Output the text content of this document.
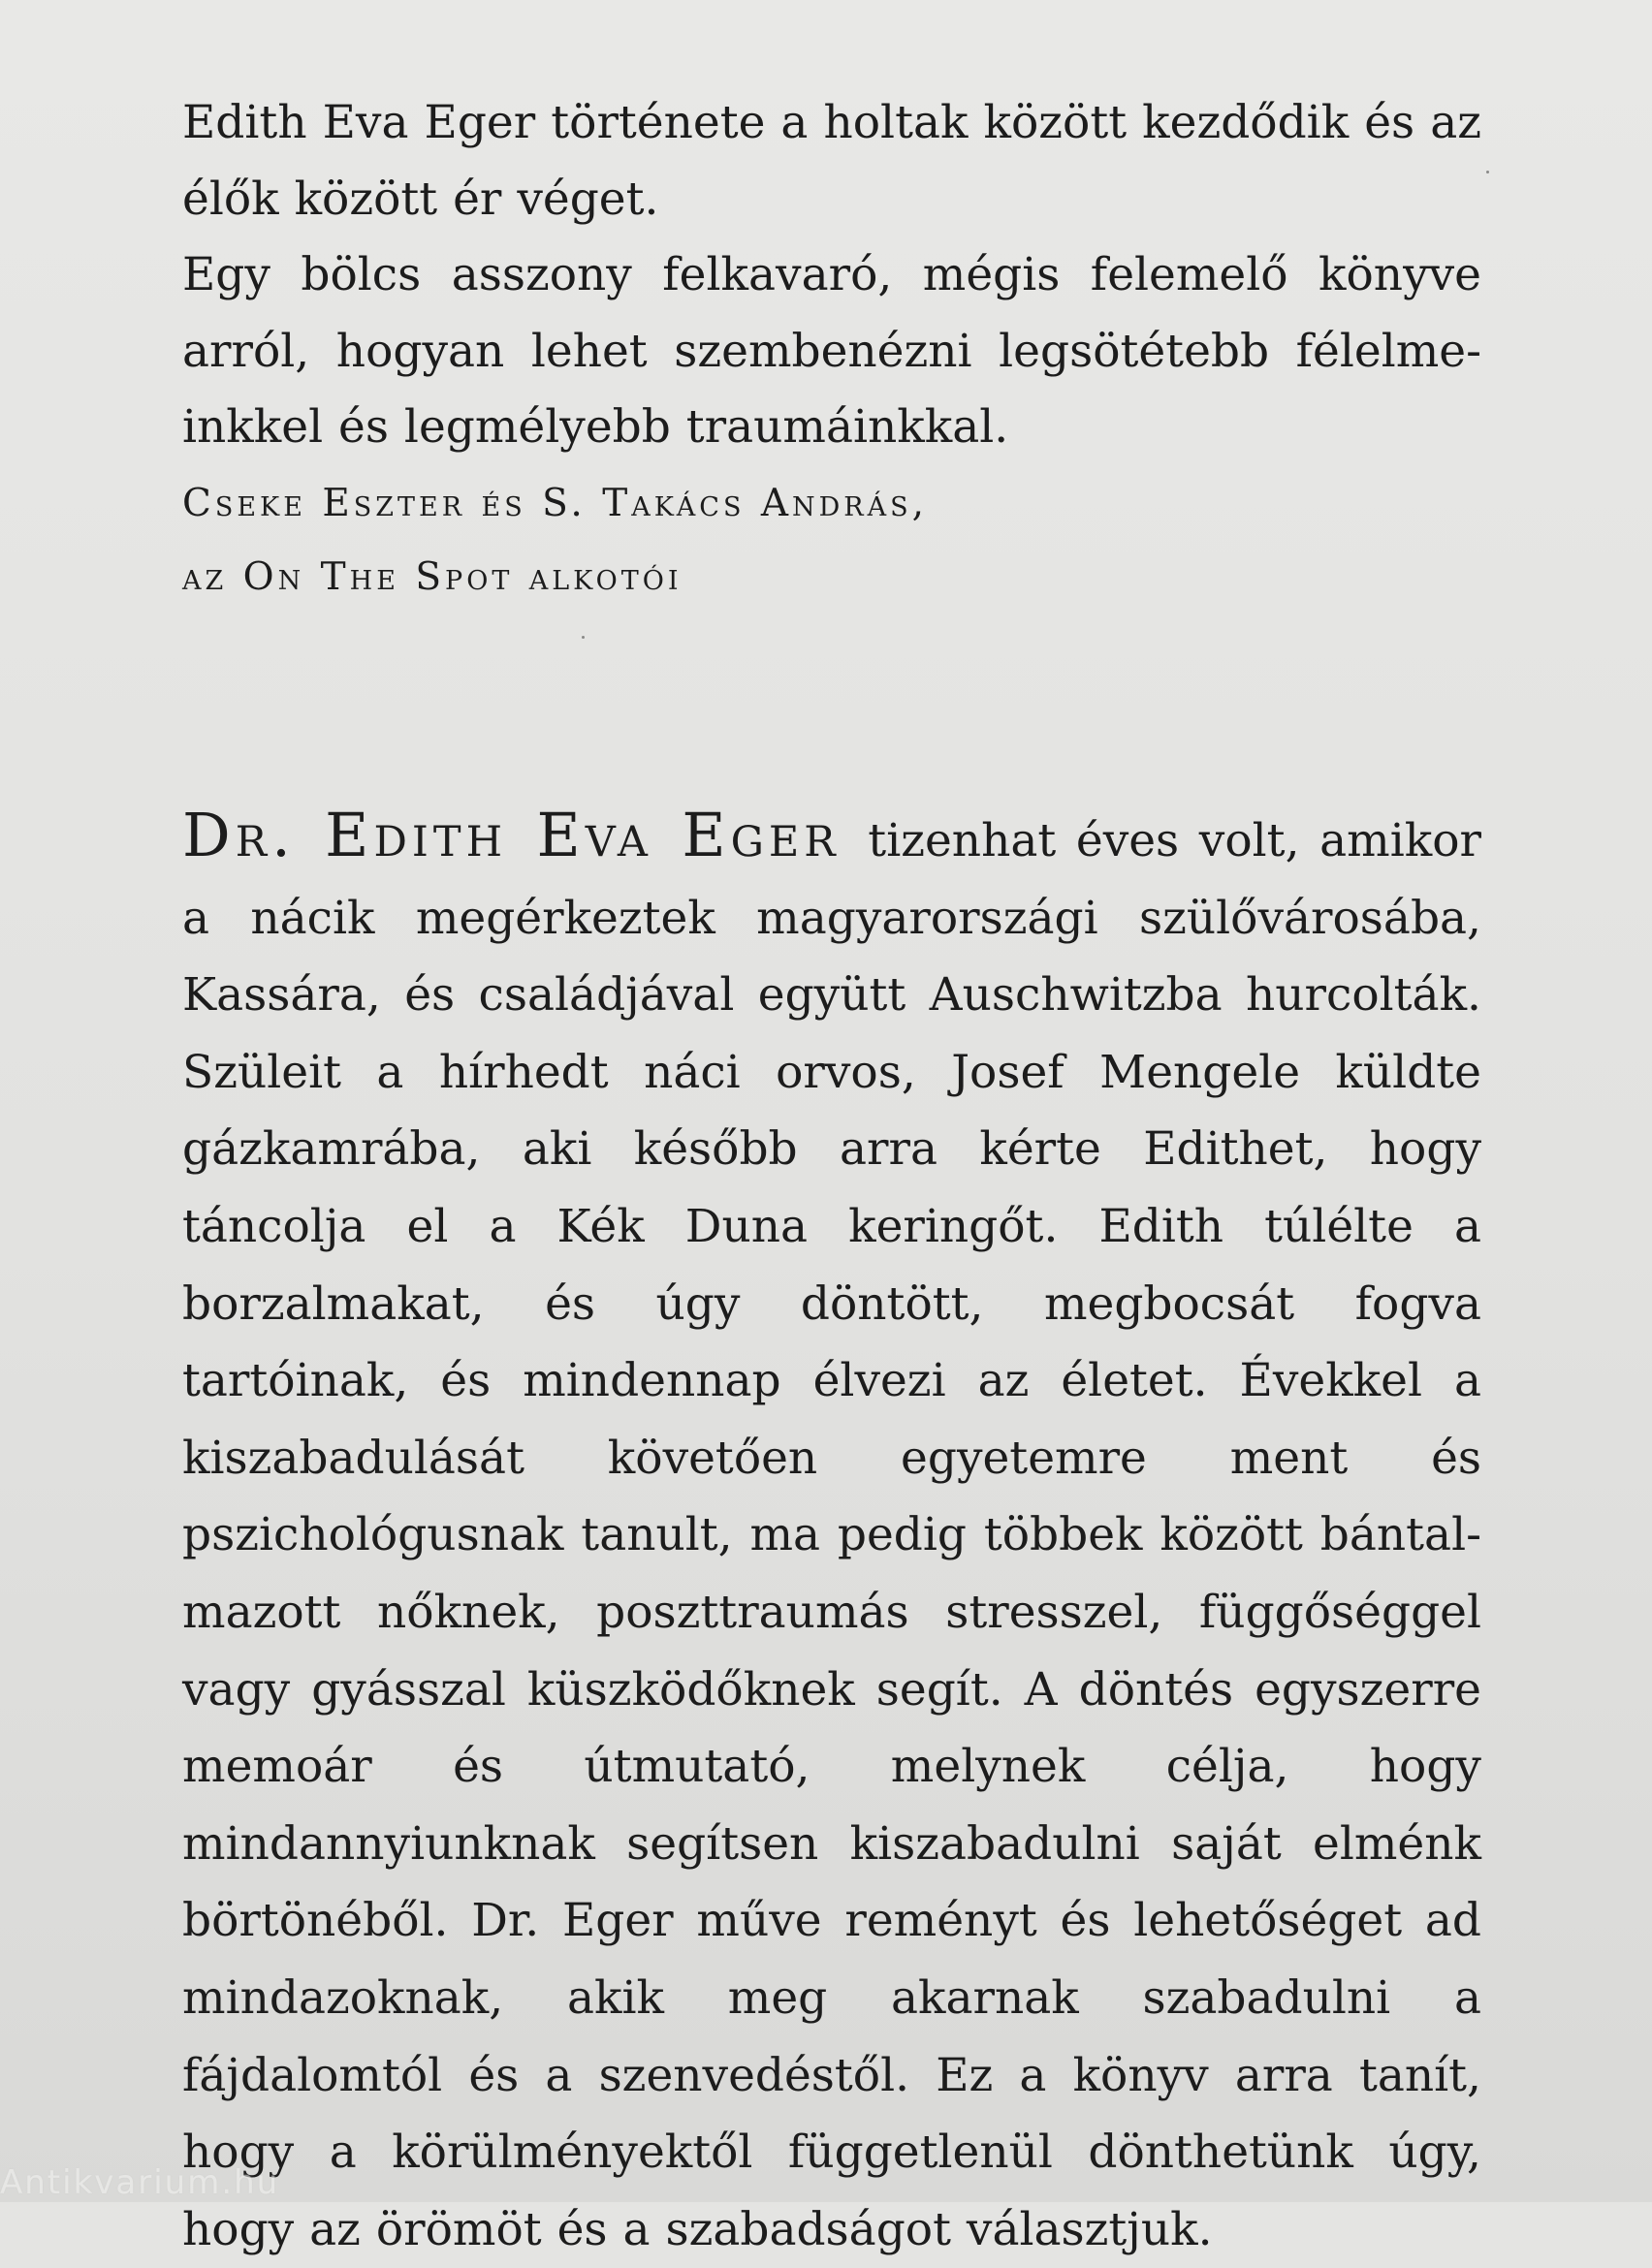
Edith Eva Eger története a holtak között kezdődik és az élők között ér véget.

Egy bölcs asszony felkavaró, mégis felemelő könyve arról, hogyan lehet szembenézni legsötétebb félelmeinkkel és legmélyebb traumáinkkal.

Cseke Eszter és S. Takács András,
az On The Spot alkotói

Dr. Edith Eva Eger tizenhat éves volt, amikor a nácik megérkeztek magyarországi szülővárosába, Kassára, és családjával együtt Auschwitzba hurcolták. Szüleit a hírhedt náci orvos, Josef Mengele küldte gázkamrába, aki később arra kérte Edithet, hogy táncolja el a Kék Duna keringőt. Edith túlélte a borzalmakat, és úgy döntött, megbocsát fogva tartóinak, és mindennap élvezi az életet. Évekkel a kiszabadulását követően egyetemre ment és pszichológusnak tanult, ma pedig többek között bántalmazott nőknek, poszttraumás stresszel, függőséggel vagy gyásszal küszködőknek segít. A döntés egyszerre memoár és útmutató, melynek célja, hogy mindannyiunknak segítsen kiszabadulni saját elménk börtönéből. Dr. Eger műve reményt és lehetőséget ad mindazoknak, akik meg akarnak szabadulni a fájdalomtól és a szenvedéstől. Ez a könyv arra tanít, hogy a körülményektől függetlenül dönthetünk úgy, hogy az örömöt és a szabadságot választjuk.

Antikvarium.hu
